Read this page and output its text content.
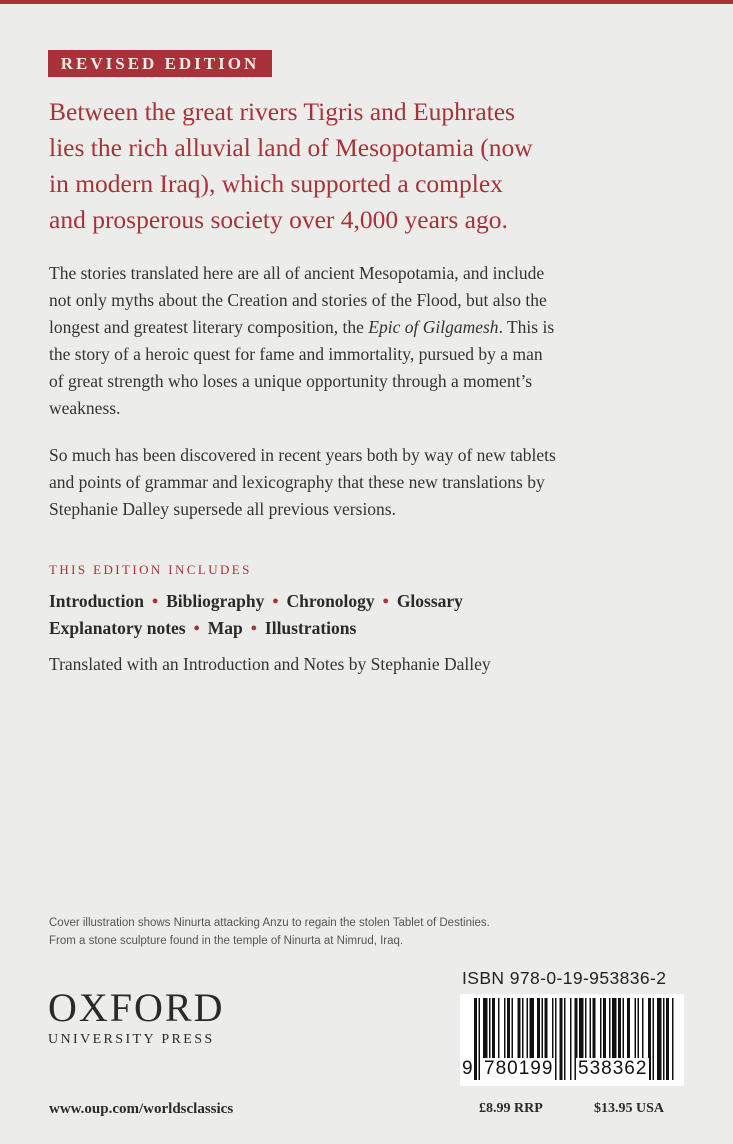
REVISED EDITION

Between the great rivers Tigris and Euphrates
lies the rich alluvial land of Mesopotamia (now
in modern Iraq), which supported a complex
and prosperous society over 4,000 years ago.

The stories translated here are all of ancient Mesopotamia, and include
not only myths about the Creation and stories of the Flood, but also the
longest and greatest literary composition, the Epic of Gilgamesh. This is
the story of a heroic quest for fame and immortality, pursued by a man
of great strength who loses a unique opportunity through a moment’s
weakness.

So much has been discovered in recent years both by way of new tablets
and points of grammar and lexicography that these new translations by
Stephanie Dalley supersede all previous versions.

THIS EDITION INCLUDES
Introduction • Bibliography • Chronology • Glossary
Explanatory notes • Map • Illustrations
Translated with an Introduction and Notes by Stephanie Dalley
Cover illustration shows Ninurta attacking Anzu to regain the stolen Tablet of Destinies.
From a stone sculpture found in the temple of Ninurta at Nimrud, Iraq.
OXFORD
UNIVERSITY PRESS
ISBN 978-0-19-953836-2
9 780199 538362
www.oup.com/worldsclassics	£8.99 RRP	$13.95 USA
